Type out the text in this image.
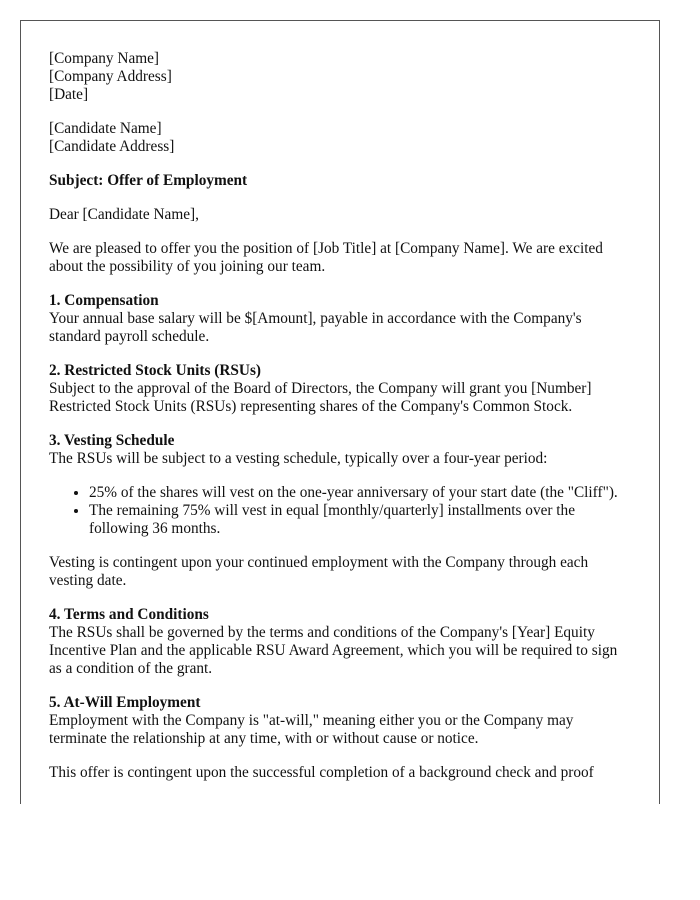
[Company Name]
[Company Address]
[Date]
[Candidate Name]
[Candidate Address]
Subject: Offer of Employment

Dear [Candidate Name],

We are pleased to offer you the position of [Job Title] at [Company Name]. We are excited about the possibility of you joining our team.

1. Compensation
Your annual base salary will be $[Amount], payable in accordance with the Company's standard payroll schedule.
2. Restricted Stock Units (RSUs)
Subject to the approval of the Board of Directors, the Company will grant you [Number] Restricted Stock Units (RSUs) representing shares of the Company's Common Stock.
3. Vesting Schedule
The RSUs will be subject to a vesting schedule, typically over a four-year period:
• 25% of the shares will vest on the one-year anniversary of your start date (the "Cliff").
• The remaining 75% will vest in equal [monthly/quarterly] installments over the following 36 months.

Vesting is contingent upon your continued employment with the Company through each vesting date.

4. Terms and Conditions
The RSUs shall be governed by the terms and conditions of the Company's [Year] Equity Incentive Plan and the applicable RSU Award Agreement, which you will be required to sign as a condition of the grant.
5. At-Will Employment
Employment with the Company is "at-will," meaning either you or the Company may terminate the relationship at any time, with or without cause or notice.

This offer is contingent upon the successful completion of a background check and proof
